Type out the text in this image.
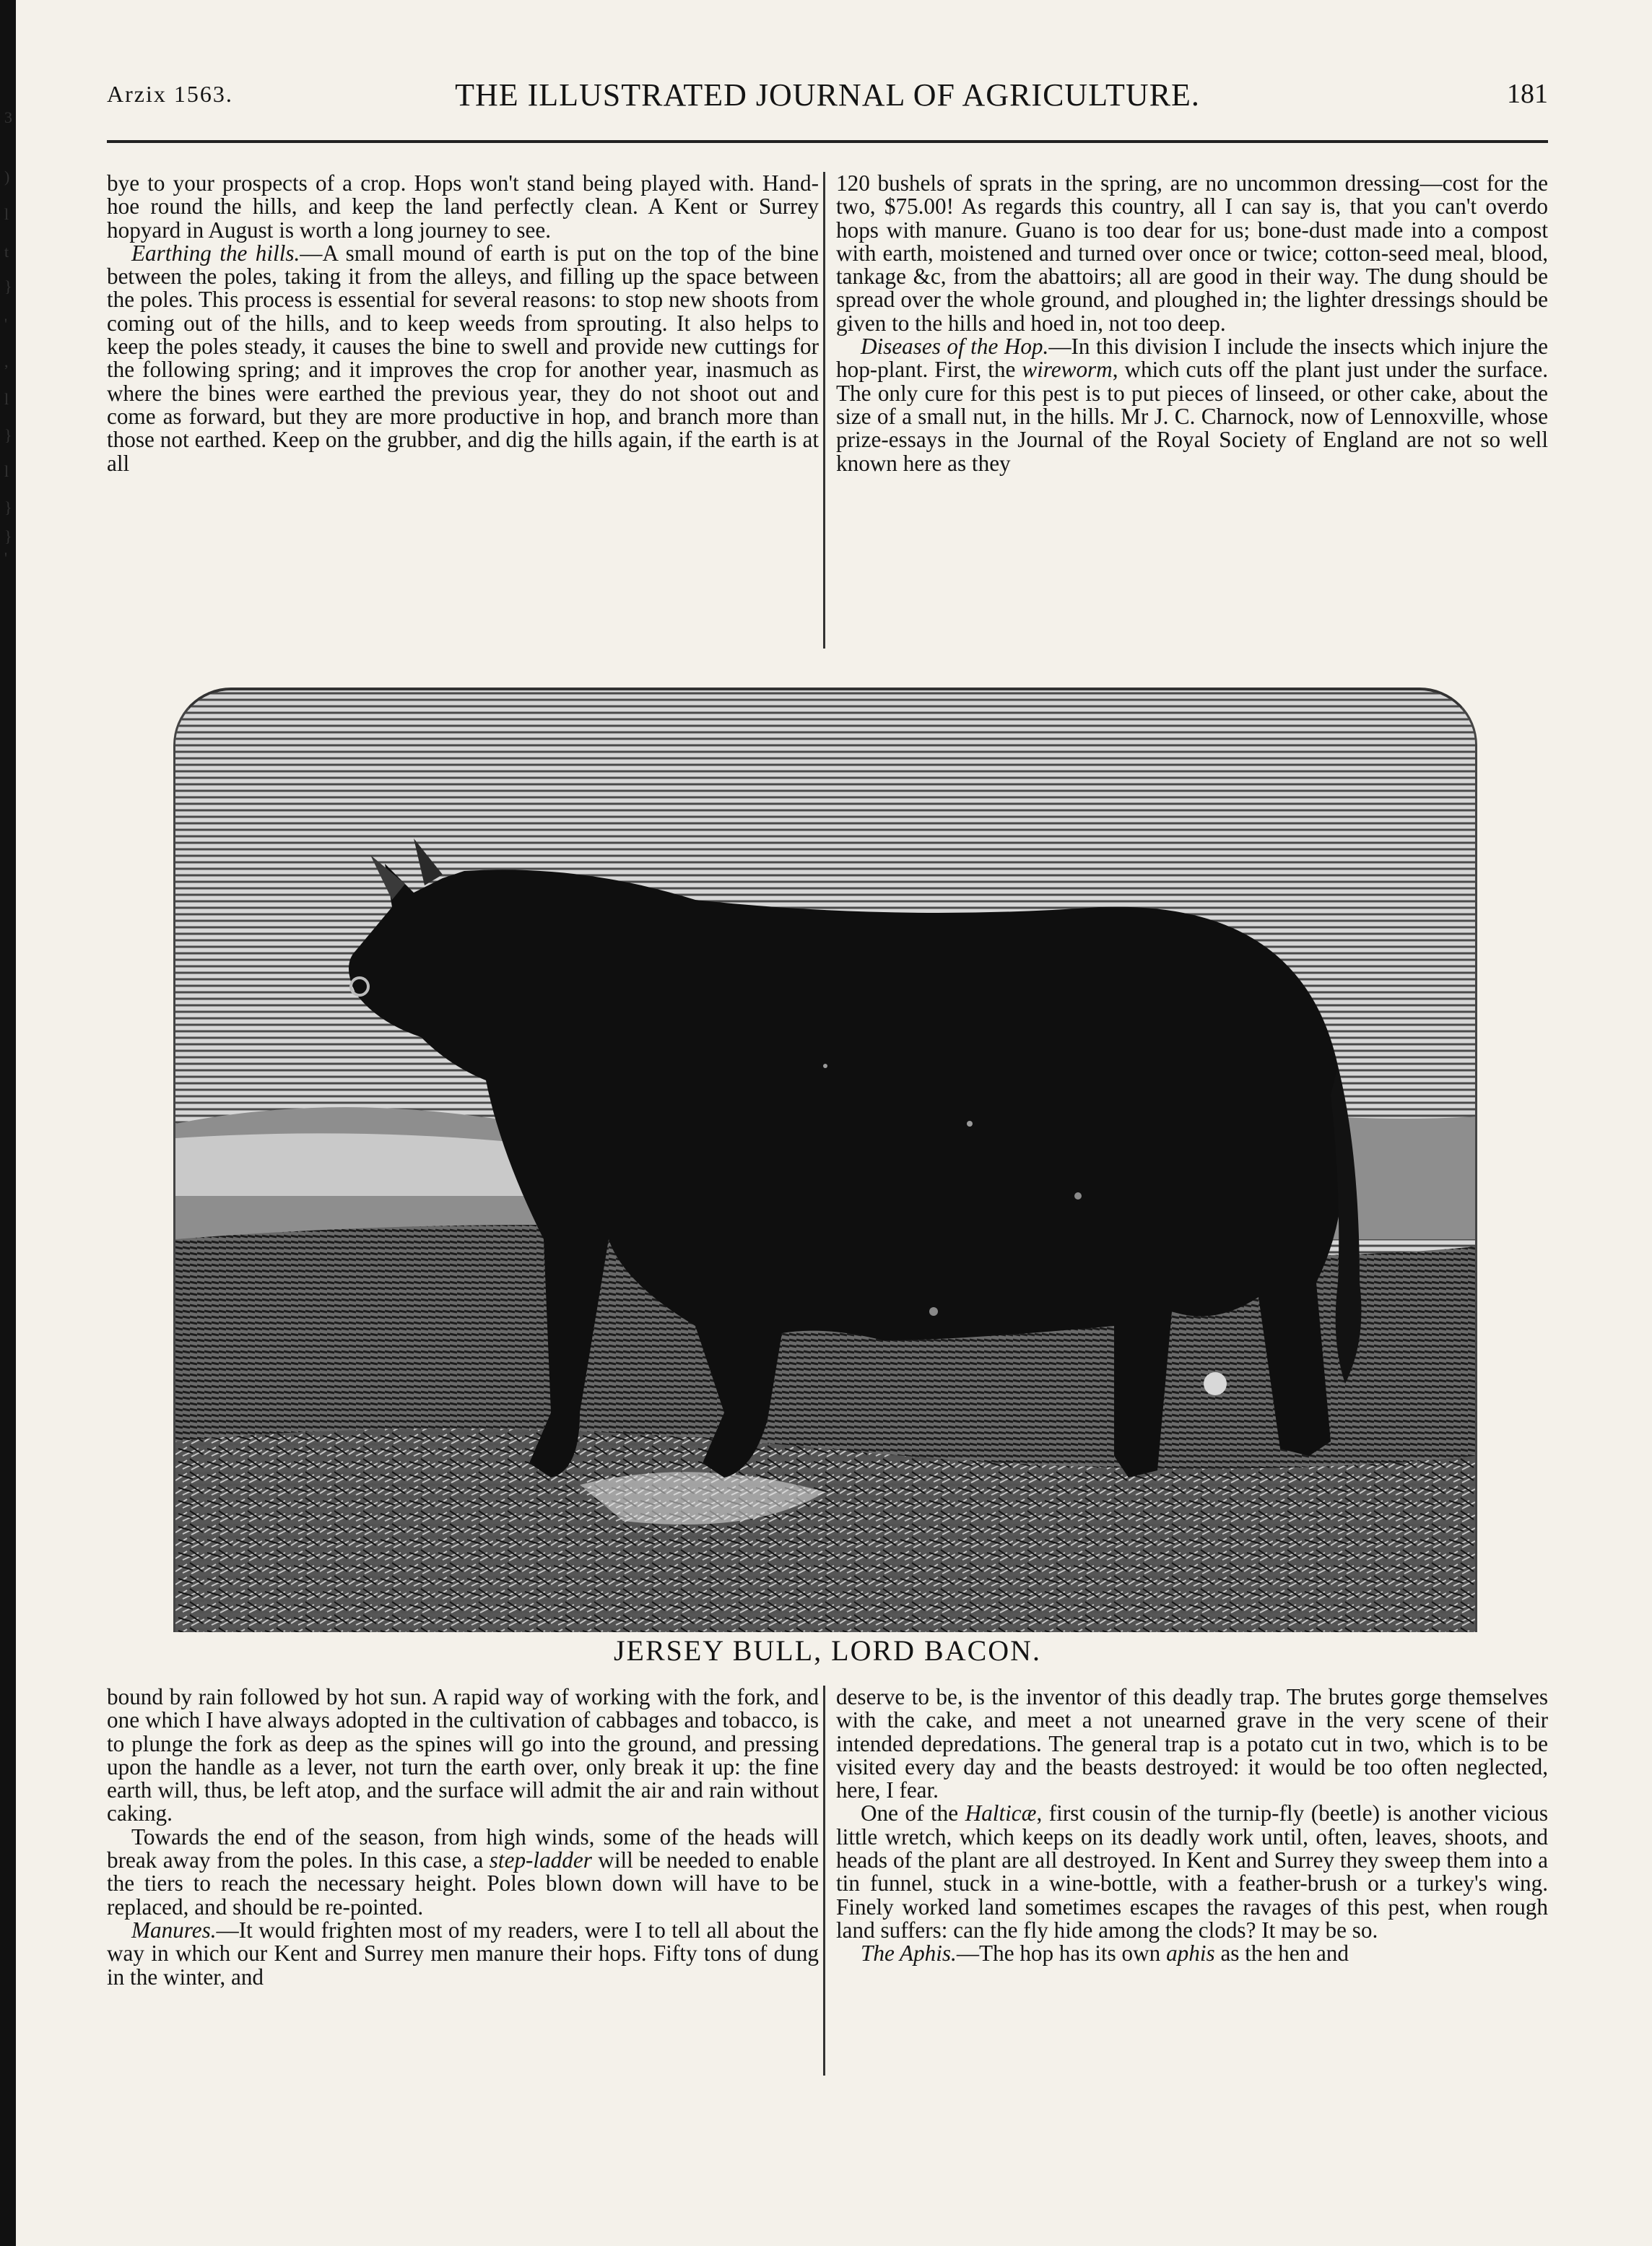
3
)
l
t
}
'
,
l
}
l
}
}
'
Arzix 1563.	THE ILLUSTRATED JOURNAL OF AGRICULTURE.	181

bye to your prospects of a crop. Hops won't stand being played with. Hand-hoe round the hills, and keep the land perfectly clean. A Kent or Surrey hopyard in August is worth a long journey to see.

Earthing the hills.—A small mound of earth is put on the top of the bine between the poles, taking it from the alleys, and filling up the space between the poles. This process is essential for several reasons: to stop new shoots from coming out of the hills, and to keep weeds from sprouting. It also helps to keep the poles steady, it causes the bine to swell and provide new cuttings for the following spring; and it improves the crop for another year, inasmuch as where the bines were earthed the previous year, they do not shoot out and come as forward, but they are more productive in hop, and branch more than those not earthed. Keep on the grubber, and dig the hills again, if the earth is at all

120 bushels of sprats in the spring, are no uncommon dressing—cost for the two, $75.00! As regards this country, all I can say is, that you can't overdo hops with manure. Guano is too dear for us; bone-dust made into a compost with earth, moistened and turned over once or twice; cotton-seed meal, blood, tankage &c, from the abattoirs; all are good in their way. The dung should be spread over the whole ground, and ploughed in; the lighter dressings should be given to the hills and hoed in, not too deep.

Diseases of the Hop.—In this division I include the insects which injure the hop-plant. First, the wireworm, which cuts off the plant just under the surface. The only cure for this pest is to put pieces of linseed, or other cake, about the size of a small nut, in the hills. Mr J. C. Charnock, now of Lennoxville, whose prize-essays in the Journal of the Royal Society of England are not so well known here as they

JERSEY BULL, LORD BACON.

bound by rain followed by hot sun. A rapid way of working with the fork, and one which I have always adopted in the cultivation of cabbages and tobacco, is to plunge the fork as deep as the spines will go into the ground, and pressing upon the handle as a lever, not turn the earth over, only break it up: the fine earth will, thus, be left atop, and the surface will admit the air and rain without caking.

Towards the end of the season, from high winds, some of the heads will break away from the poles. In this case, a step-ladder will be needed to enable the tiers to reach the necessary height. Poles blown down will have to be replaced, and should be re-pointed.

Manures.—It would frighten most of my readers, were I to tell all about the way in which our Kent and Surrey men manure their hops. Fifty tons of dung in the winter, and

deserve to be, is the inventor of this deadly trap. The brutes gorge themselves with the cake, and meet a not unearned grave in the very scene of their intended depredations. The general trap is a potato cut in two, which is to be visited every day and the beasts destroyed: it would be too often neglected, here, I fear.

One of the Halticæ, first cousin of the turnip-fly (beetle) is another vicious little wretch, which keeps on its deadly work until, often, leaves, shoots, and heads of the plant are all destroyed. In Kent and Surrey they sweep them into a tin funnel, stuck in a wine-bottle, with a feather-brush or a turkey's wing. Finely worked land sometimes escapes the ravages of this pest, when rough land suffers: can the fly hide among the clods? It may be so.

The Aphis.—The hop has its own aphis as the hen and
